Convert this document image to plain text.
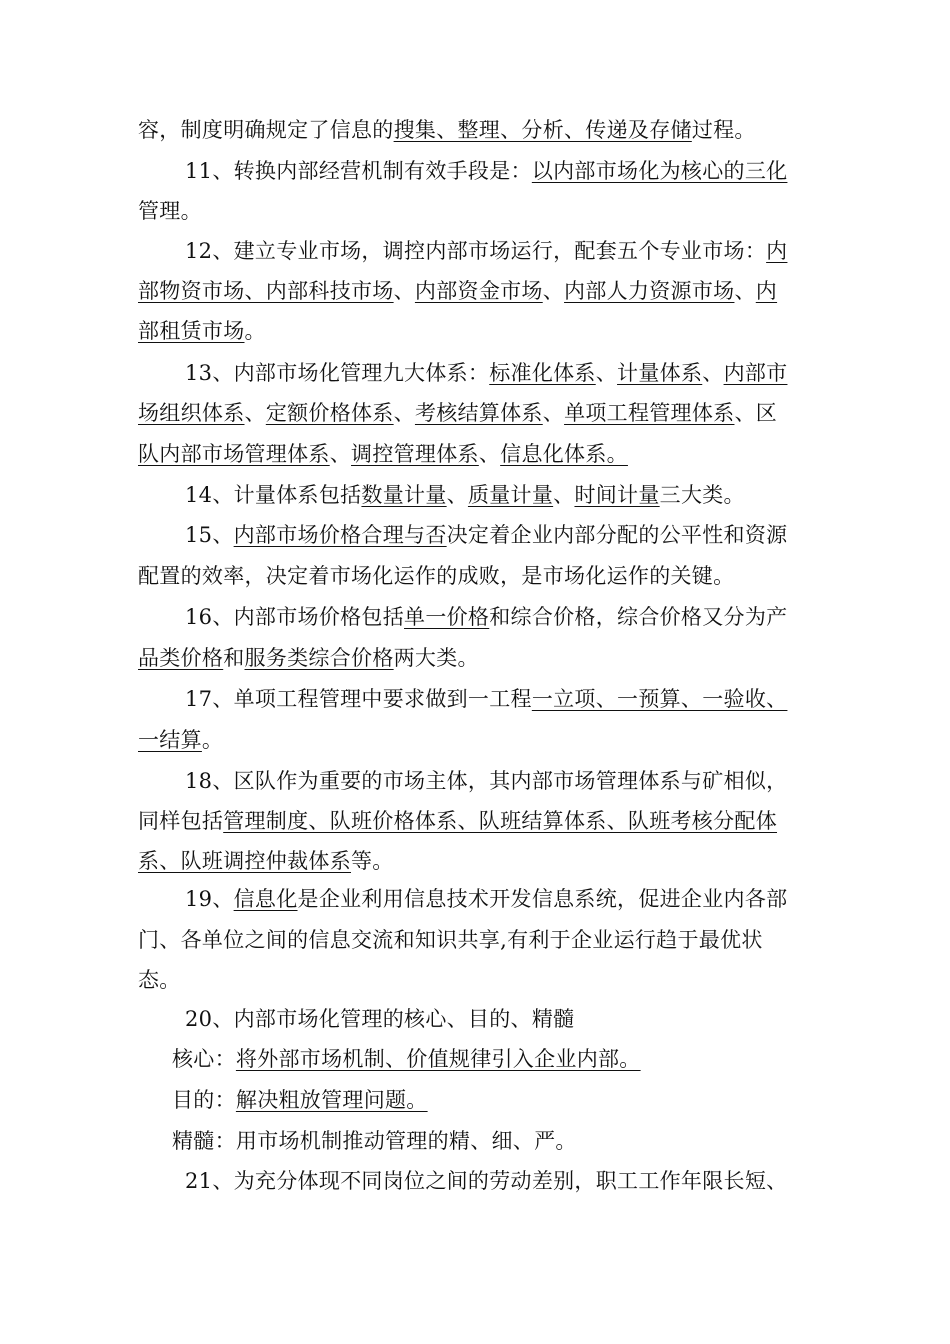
容，制度明确规定了信息的搜集、整理、分析、传递及存储过程。
11、转换内部经营机制有效手段是：以内部市场化为核心的三化
管理。
12、建立专业市场，调控内部市场运行，配套五个专业市场：内
部物资市场、内部科技市场、内部资金市场、内部人力资源市场、内
部租赁市场。
13、内部市场化管理九大体系：标准化体系、计量体系、内部市
场组织体系、定额价格体系、考核结算体系、单项工程管理体系、区
队内部市场管理体系、调控管理体系、信息化体系。
14、计量体系包括数量计量、质量计量、时间计量三大类。
15、内部市场价格合理与否决定着企业内部分配的公平性和资源
配置的效率，决定着市场化运作的成败，是市场化运作的关键。
16、内部市场价格包括单一价格和综合价格，综合价格又分为产
品类价格和服务类综合价格两大类。
17、单项工程管理中要求做到一工程一立项、一预算、一验收、
一结算。
18、区队作为重要的市场主体，其内部市场管理体系与矿相似，
同样包括管理制度、队班价格体系、队班结算体系、队班考核分配体
系、队班调控仲裁体系等。
19、信息化是企业利用信息技术开发信息系统，促进企业内各部
门、各单位之间的信息交流和知识共享,有利于企业运行趋于最优状
态。
20、内部市场化管理的核心、目的、精髓
核心：将外部市场机制、价值规律引入企业内部。
目的：解决粗放管理问题。
精髓：用市场机制推动管理的精、细、严。
21、为充分体现不同岗位之间的劳动差别，职工工作年限长短、
